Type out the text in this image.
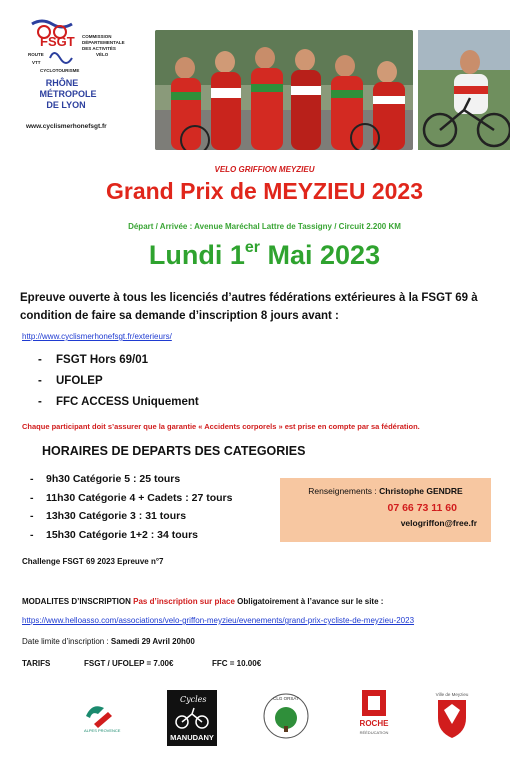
FSGT COMMISSION
DÉPARTEMENTALE
DES ACTIVITÉS
VÉLO
ROUTE
VTT
CYCLOTOURISME
RHÔNE
MÉTROPOLE
DE LYON
www.cyclismerhonefsgt.fr
VELO GRIFFION MEYZIEU
Grand Prix de MEYZIEU 2023
Départ / Arrivée : Avenue Maréchal Lattre de Tassigny / Circuit 2.200 KM
Lundi 1er Mai 2023
Epreuve ouverte à tous les licenciés d’autres fédérations extérieures à la FSGT 69 à condition de faire sa demande d’inscription 8 jours avant :
http://www.cyclismerhonefsgt.fr/exterieurs/
-	FSGT Hors 69/01
-	UFOLEP
-	FFC ACCESS Uniquement
Chaque participant doit s’assurer que la garantie « Accidents corporels » est prise en compte par sa fédération.
HORAIRES DE DEPARTS DES CATEGORIES
-	9h30 Catégorie 5 : 25 tours
-	11h30 Catégorie 4 + Cadets : 27 tours
-	13h30 Catégorie 3 : 31 tours
-	15h30 Catégorie 1+2 : 34 tours
Renseignements : Christophe GENDRE
07 66 73 11 60
velogriffon@free.fr
Challenge FSGT 69 2023 Epreuve n°7
MODALITES D’INSCRIPTION Pas d’inscription sur place Obligatoirement à l’avance sur le site :
https://www.helloasso.com/associations/velo-griffon-meyzieu/evenements/grand-prix-cycliste-de-meyzieu-2023
Date limite d’inscription : Samedi 29 Avril 20h00
TARIFS	FSGT / UFOLEP = 7.00€	FFC = 10.00€
ALPES PROVENCE
Cycles
MANUDANY
CLG ORSAT
ROCHE
RÉÉDUCATION
Ville de Meyzieu
